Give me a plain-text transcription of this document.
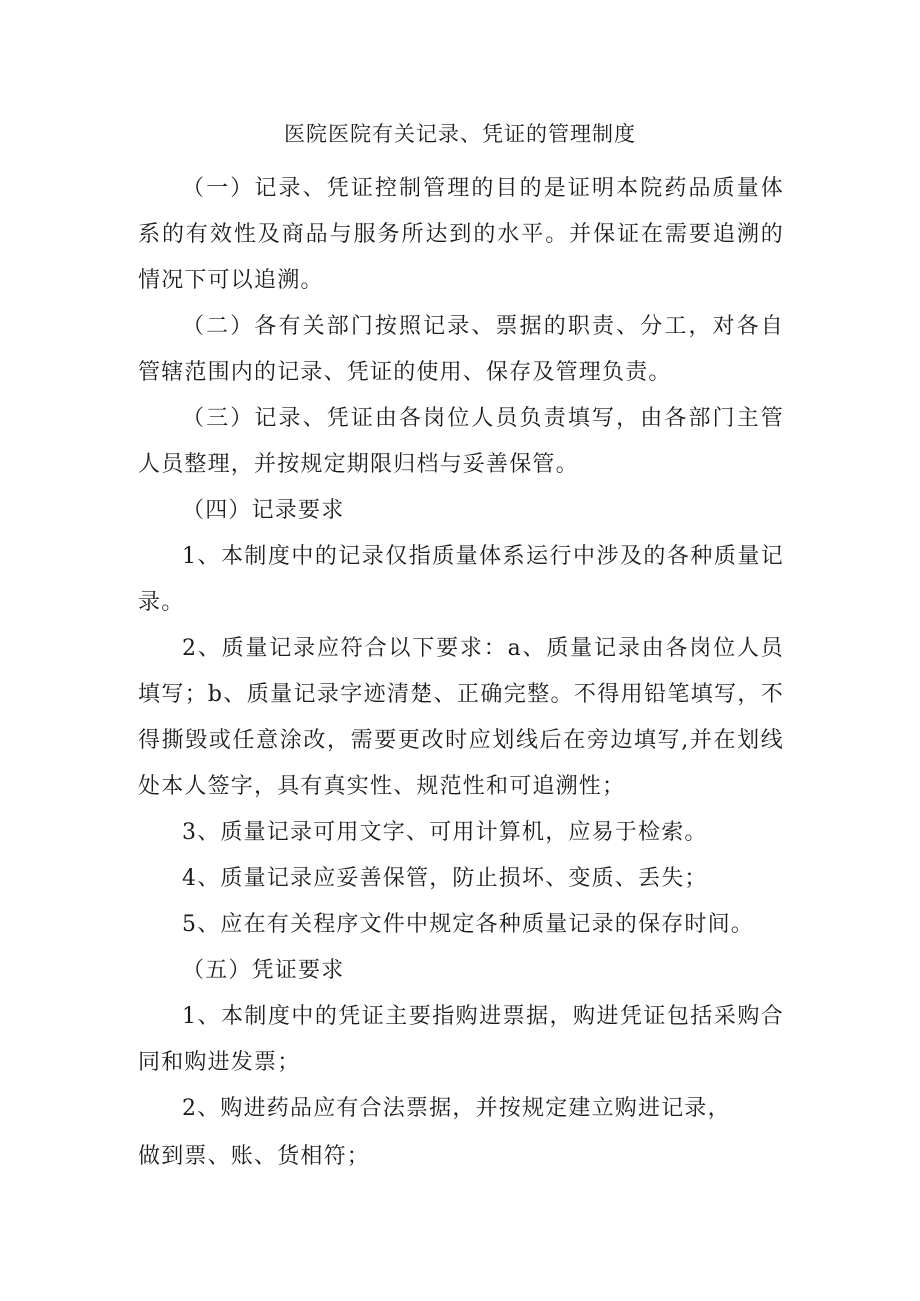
医院医院有关记录、凭证的管理制度

（一）记录、凭证控制管理的目的是证明本院药品质量体系的有效性及商品与服务所达到的水平。并保证在需要追溯的情况下可以追溯。

（二）各有关部门按照记录、票据的职责、分工，对各自管辖范围内的记录、凭证的使用、保存及管理负责。

（三）记录、凭证由各岗位人员负责填写，由各部门主管人员整理，并按规定期限归档与妥善保管。

（四）记录要求

1、本制度中的记录仅指质量体系运行中涉及的各种质量记录。

2、质量记录应符合以下要求：a、质量记录由各岗位人员填写；b、质量记录字迹清楚、正确完整。不得用铅笔填写，不得撕毁或任意涂改，需要更改时应划线后在旁边填写,并在划线处本人签字，具有真实性、规范性和可追溯性；

3、质量记录可用文字、可用计算机，应易于检索。

4、质量记录应妥善保管，防止损坏、变质、丢失；

5、应在有关程序文件中规定各种质量记录的保存时间。

（五）凭证要求

1、本制度中的凭证主要指购进票据，购进凭证包括采购合同和购进发票；

2、购进药品应有合法票据，并按规定建立购进记录，

做到票、账、货相符；
